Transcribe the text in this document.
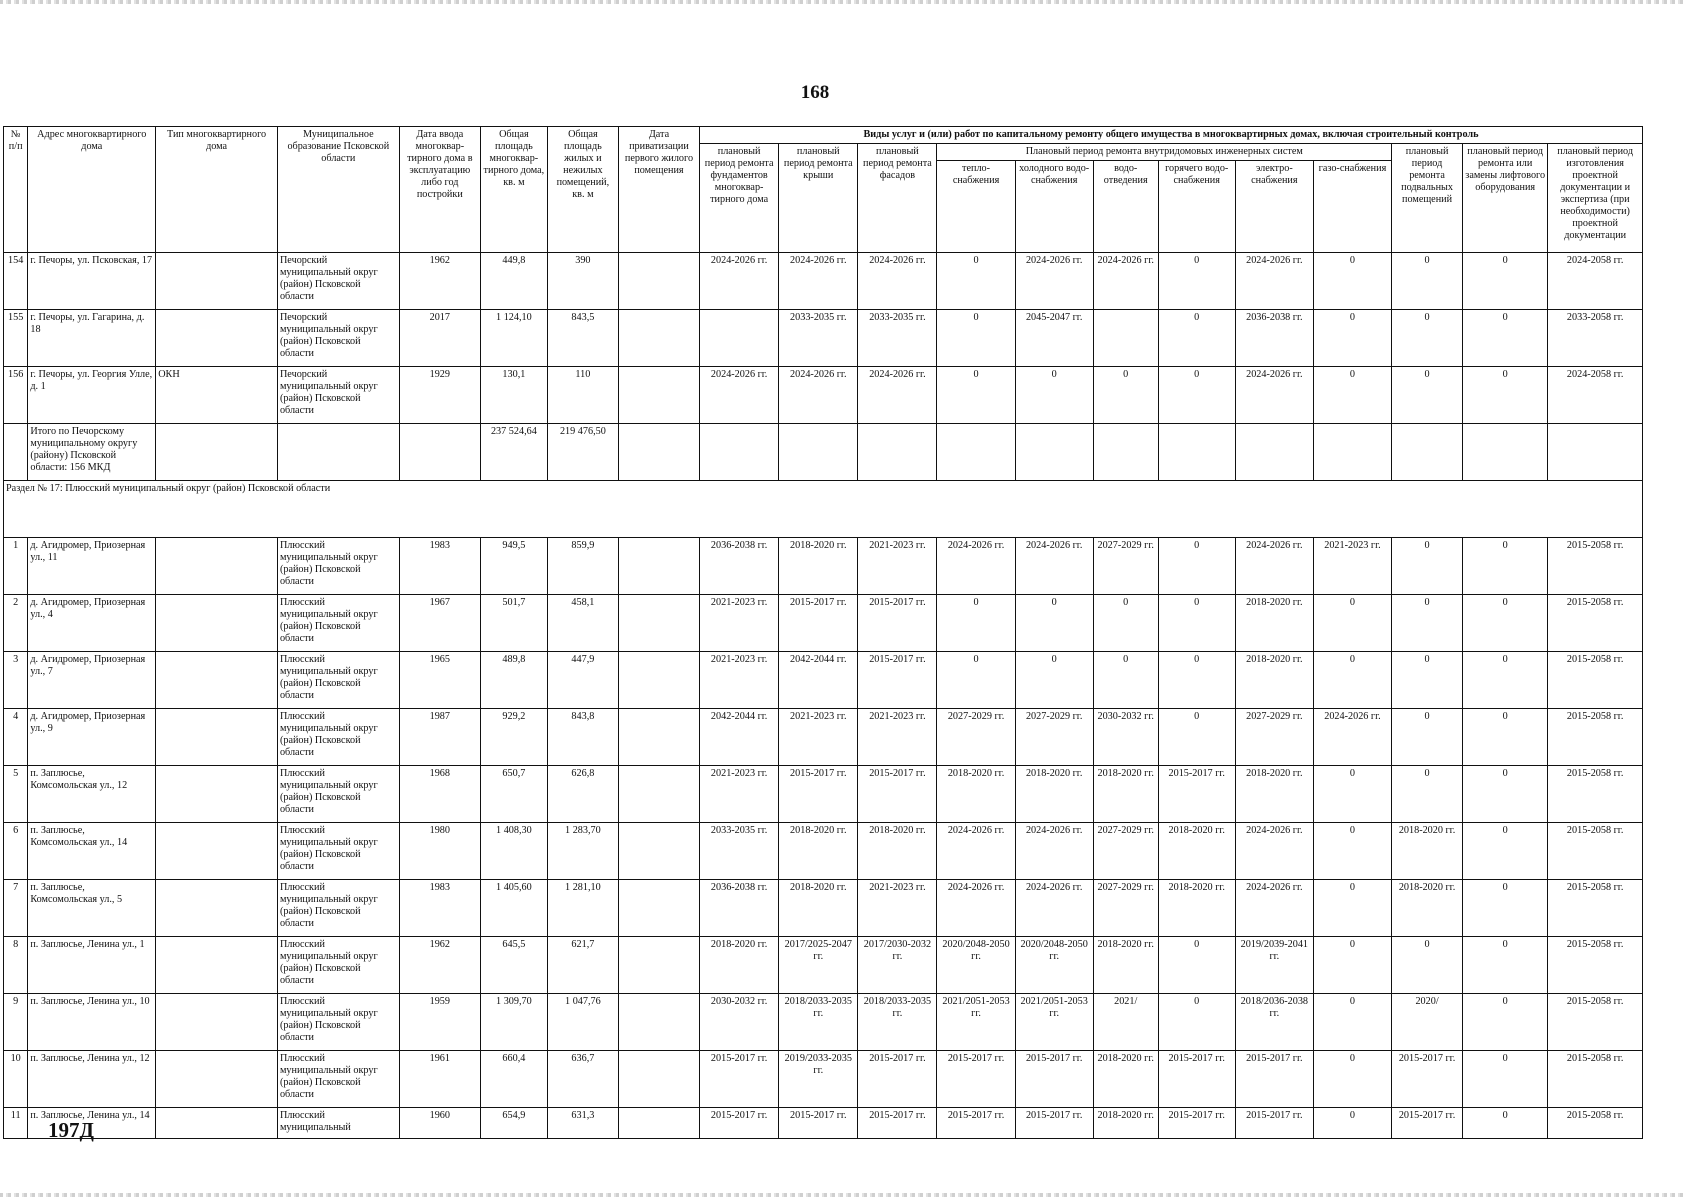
168
№ п/п	Адрес многоквартирного дома	Тип многоквартирного дома	Муниципальное образование Псковской области	Дата ввода многоквар-тирного дома в эксплуатацию либо год постройки	Общая площадь многоквар-тирного дома, кв. м	Общая площадь жилых и нежилых помещений, кв. м	Дата приватизации первого жилого помещения	Виды услуг и (или) работ по капитальному ремонту общего имущества в многоквартирных домах, включая строительный контроль											
								плановый период ремонта фундаментов многоквар-тирного дома	плановый период ремонта крыши	плановый период ремонта фасадов	Плановый период ремонта внутридомовых инженерных систем						плановый период ремонта подвальных помещений	плановый период ремонта или замены лифтового оборудования	плановый период изготовления проектной документации и экспертиза (при необходимости) проектной документации
											тепло-снабжения	холодного водо-снабжения	водо-отведения	горячего водо-снабжения	электро-снабжения	газо-снабжения			
154	г. Печоры, ул. Псковская, 17		Печорский муниципальный округ (район) Псковской области	1962	449,8	390		2024-2026 гг.	2024-2026 гг.	2024-2026 гг.	0	2024-2026 гг.	2024-2026 гг.	0	2024-2026 гг.	0	0	0	2024-2058 гг.
155	г. Печоры, ул. Гагарина, д. 18		Печорский муниципальный округ (район) Псковской области	2017	1 124,10	843,5			2033-2035 гг.	2033-2035 гг.	0	2045-2047 гг.		0	2036-2038 гг.	0	0	0	2033-2058 гг.
156	г. Печоры, ул. Георгия Улле, д. 1	ОКН	Печорский муниципальный округ (район) Псковской области	1929	130,1	110		2024-2026 гг.	2024-2026 гг.	2024-2026 гг.	0	0	0	0	2024-2026 гг.	0	0	0	2024-2058 гг.
	Итого по Печорскому муниципальному округу (району) Псковской области: 156 МКД				237 524,64	219 476,50													
Раздел № 17: Плюсский муниципальный округ (район) Псковской области																			
1	д. Агидромер, Приозерная ул., 11		Плюсский муниципальный округ (район) Псковской области	1983	949,5	859,9		2036-2038 гг.	2018-2020 гг.	2021-2023 гг.	2024-2026 гг.	2024-2026 гг.	2027-2029 гг.	0	2024-2026 гг.	2021-2023 гг.	0	0	2015-2058 гг.
2	д. Агидромер, Приозерная ул., 4		Плюсский муниципальный округ (район) Псковской области	1967	501,7	458,1		2021-2023 гг.	2015-2017 гг.	2015-2017 гг.	0	0	0	0	2018-2020 гг.	0	0	0	2015-2058 гг.
3	д. Агидромер, Приозерная ул., 7		Плюсский муниципальный округ (район) Псковской области	1965	489,8	447,9		2021-2023 гг.	2042-2044 гг.	2015-2017 гг.	0	0	0	0	2018-2020 гг.	0	0	0	2015-2058 гг.
4	д. Агидромер, Приозерная ул., 9		Плюсский муниципальный округ (район) Псковской области	1987	929,2	843,8		2042-2044 гг.	2021-2023 гг.	2021-2023 гг.	2027-2029 гг.	2027-2029 гг.	2030-2032 гг.	0	2027-2029 гг.	2024-2026 гг.	0	0	2015-2058 гг.
5	п. Заплюсье, Комсомольская ул., 12		Плюсский муниципальный округ (район) Псковской области	1968	650,7	626,8		2021-2023 гг.	2015-2017 гг.	2015-2017 гг.	2018-2020 гг.	2018-2020 гг.	2018-2020 гг.	2015-2017 гг.	2018-2020 гг.	0	0	0	2015-2058 гг.
6	п. Заплюсье, Комсомольская ул., 14		Плюсский муниципальный округ (район) Псковской области	1980	1 408,30	1 283,70		2033-2035 гг.	2018-2020 гг.	2018-2020 гг.	2024-2026 гг.	2024-2026 гг.	2027-2029 гг.	2018-2020 гг.	2024-2026 гг.	0	2018-2020 гг.	0	2015-2058 гг.
7	п. Заплюсье, Комсомольская ул., 5		Плюсский муниципальный округ (район) Псковской области	1983	1 405,60	1 281,10		2036-2038 гг.	2018-2020 гг.	2021-2023 гг.	2024-2026 гг.	2024-2026 гг.	2027-2029 гг.	2018-2020 гг.	2024-2026 гг.	0	2018-2020 гг.	0	2015-2058 гг.
8	п. Заплюсье, Ленина ул., 1		Плюсский муниципальный округ (район) Псковской области	1962	645,5	621,7		2018-2020 гг.	2017/2025-2047 гг.	2017/2030-2032 гг.	2020/2048-2050 гг.	2020/2048-2050 гг.	2018-2020 гг.	0	2019/2039-2041 гг.	0	0	0	2015-2058 гг.
9	п. Заплюсье, Ленина ул., 10		Плюсский муниципальный округ (район) Псковской области	1959	1 309,70	1 047,76		2030-2032 гг.	2018/2033-2035 гг.	2018/2033-2035 гг.	2021/2051-2053 гг.	2021/2051-2053 гг.	2021/	0	2018/2036-2038 гг.	0	2020/	0	2015-2058 гг.
10	п. Заплюсье, Ленина ул., 12		Плюсский муниципальный округ (район) Псковской области	1961	660,4	636,7		2015-2017 гг.	2019/2033-2035 гг.	2015-2017 гг.	2015-2017 гг.	2015-2017 гг.	2018-2020 гг.	2015-2017 гг.	2015-2017 гг.	0	2015-2017 гг.	0	2015-2058 гг.
11	п. Заплюсье, Ленина ул., 14		Плюсский муниципальный	1960	654,9	631,3		2015-2017 гг.	2015-2017 гг.	2015-2017 гг.	2015-2017 гг.	2015-2017 гг.	2018-2020 гг.	2015-2017 гг.	2015-2017 гг.	0	2015-2017 гг.	0	2015-2058 гг.
197Д
